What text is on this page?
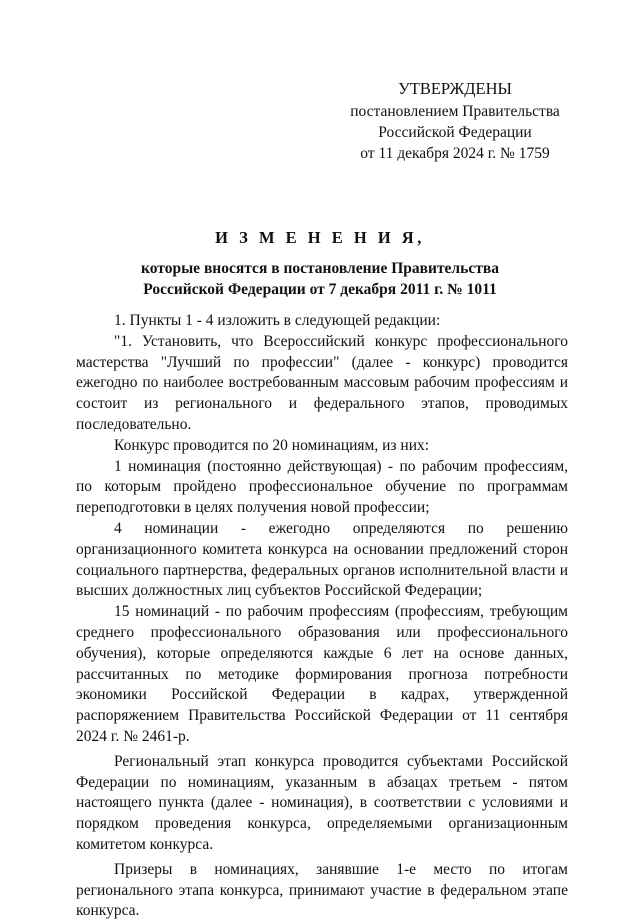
УТВЕРЖДЕНЫ
постановлением Правительства
Российской Федерации
от 11 декабря 2024 г. № 1759
И З М Е Н Е Н И Я,
которые вносятся в постановление Правительства
Российской Федерации от 7 декабря 2011 г. № 1011

1. Пункты 1 - 4 изложить в следующей редакции:

"1. Установить, что Всероссийский конкурс профессионального мастерства "Лучший по профессии" (далее - конкурс) проводится ежегодно по наиболее востребованным массовым рабочим профессиям и состоит из регионального и федерального этапов, проводимых последовательно.

Конкурс проводится по 20 номинациям, из них:

1 номинация (постоянно действующая) - по рабочим профессиям, по которым пройдено профессиональное обучение по программам переподготовки в целях получения новой профессии;

4 номинации - ежегодно определяются по решению организационного комитета конкурса на основании предложений сторон социального партнерства, федеральных органов исполнительной власти и высших должностных лиц субъектов Российской Федерации;

15 номинаций - по рабочим профессиям (профессиям, требующим среднего профессионального образования или профессионального обучения), которые определяются каждые 6 лет на основе данных, рассчитанных по методике формирования прогноза потребности экономики Российской Федерации в кадрах, утвержденной распоряжением Правительства Российской Федерации от 11 сентября 2024 г. № 2461-р.

Региональный этап конкурса проводится субъектами Российской Федерации по номинациям, указанным в абзацах третьем - пятом настоящего пункта (далее - номинация), в соответствии с условиями и порядком проведения конкурса, определяемыми организационным комитетом конкурса.

Призеры в номинациях, занявшие 1-е место по итогам регионального этапа конкурса, принимают участие в федеральном этапе конкурса.
